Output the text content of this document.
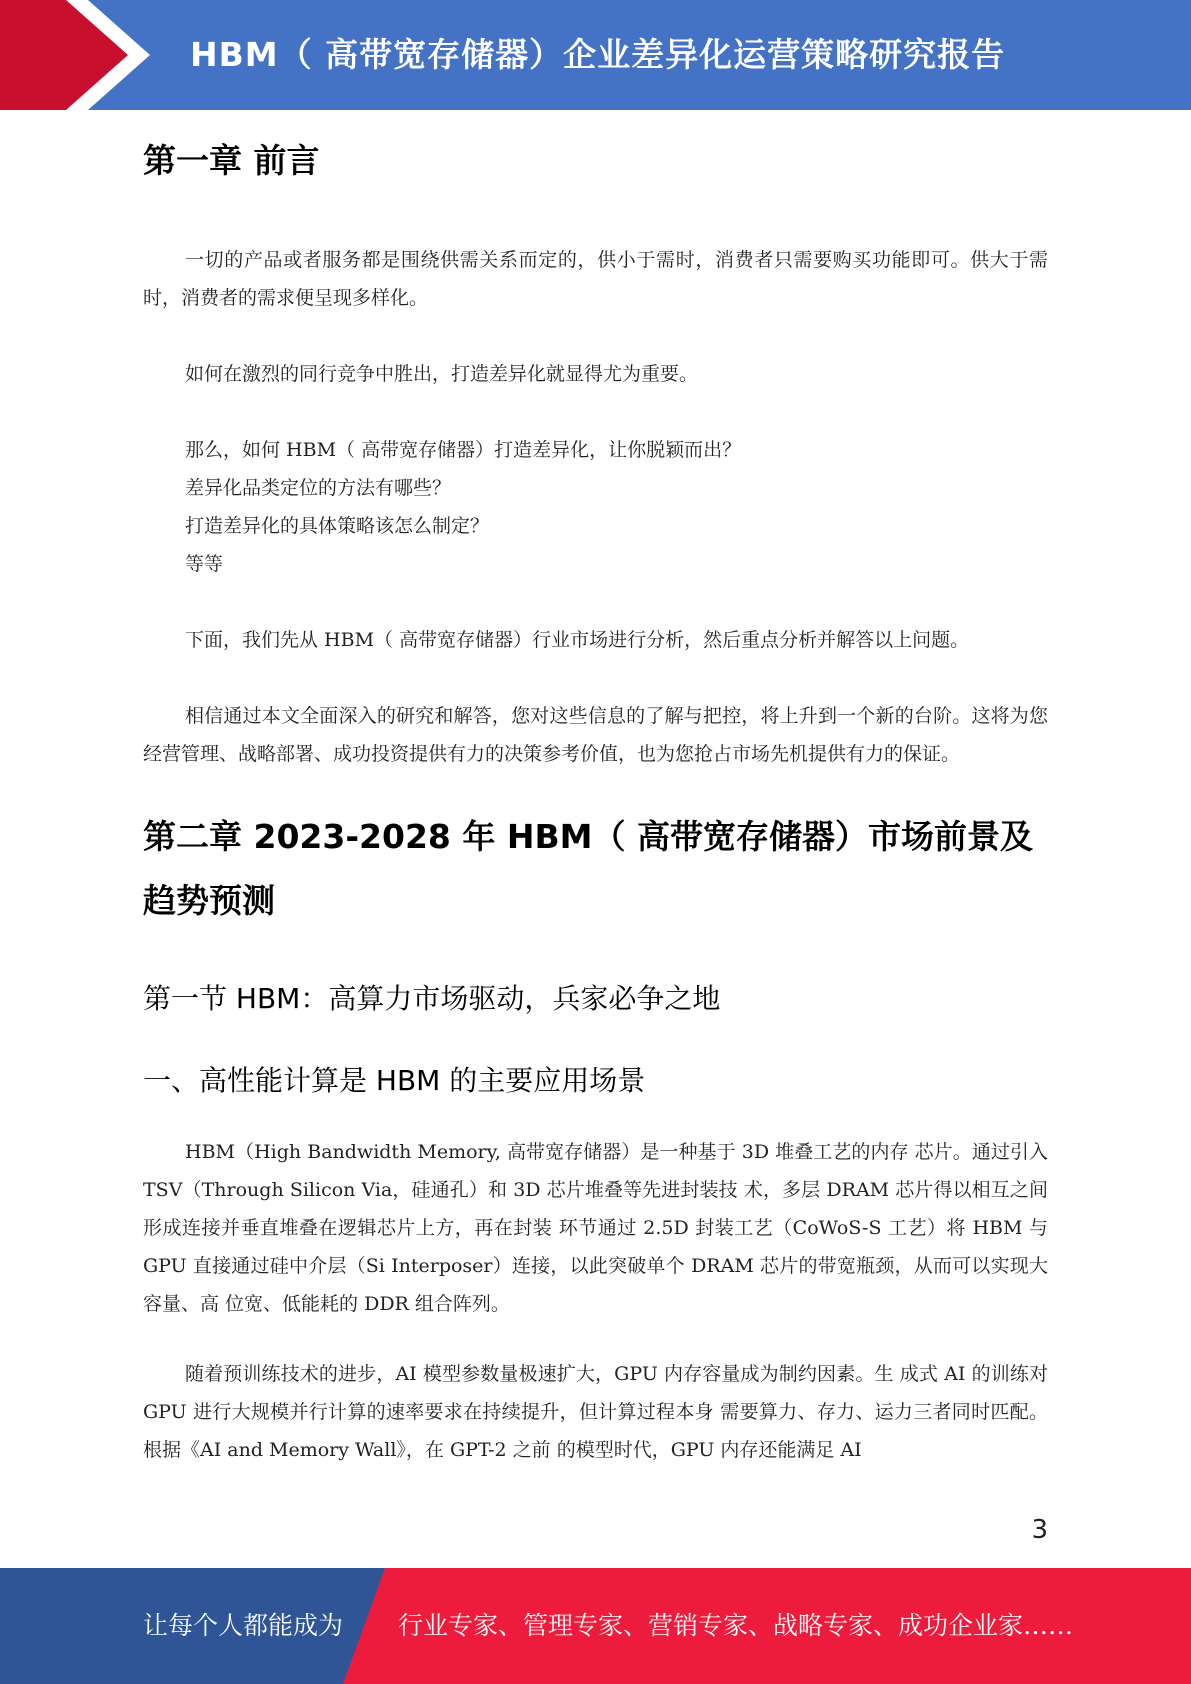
HBM（ 高带宽存储器）企业差异化运营策略研究报告
第一章 前言

一切的产品或者服务都是围绕供需关系而定的，供小于需时，消费者只需要购买功能即可。供大于需时，消费者的需求便呈现多样化。

如何在激烈的同行竞争中胜出，打造差异化就显得尤为重要。

那么，如何 HBM（ 高带宽存储器）打造差异化，让你脱颖而出？

差异化品类定位的方法有哪些？

打造差异化的具体策略该怎么制定？

等等

下面，我们先从 HBM（ 高带宽存储器）行业市场进行分析，然后重点分析并解答以上问题。

相信通过本文全面深入的研究和解答，您对这些信息的了解与把控，将上升到一个新的台阶。这将为您经营管理、战略部署、成功投资提供有力的决策参考价值，也为您抢占市场先机提供有力的保证。

第二章 2023-2028 年 HBM（ 高带宽存储器）市场前景及趋势预测
第一节 HBM：高算力市场驱动，兵家必争之地
一、高性能计算是 HBM 的主要应用场景

HBM（High Bandwidth Memory, 高带宽存储器）是一种基于 3D 堆叠工艺的内存 芯片。通过引入 TSV（Through Silicon Via，硅通孔）和 3D 芯片堆叠等先进封装技 术，多层 DRAM 芯片得以相互之间形成连接并垂直堆叠在逻辑芯片上方，再在封装 环节通过 2.5D 封装工艺（CoWoS-S 工艺）将 HBM 与 GPU 直接通过硅中介层（Si Interposer）连接，以此突破单个 DRAM 芯片的带宽瓶颈，从而可以实现大容量、高 位宽、低能耗的 DDR 组合阵列。

随着预训练技术的进步，AI 模型参数量极速扩大，GPU 内存容量成为制约因素。生 成式 AI 的训练对 GPU 进行大规模并行计算的速率要求在持续提升，但计算过程本身 需要算力、存力、运力三者同时匹配。根据《AI and Memory Wall》，在 GPT-2 之前 的模型时代，GPU 内存还能满足 AI

3
让每个人都能成为 行业专家、管理专家、营销专家、战略专家、成功企业家……
